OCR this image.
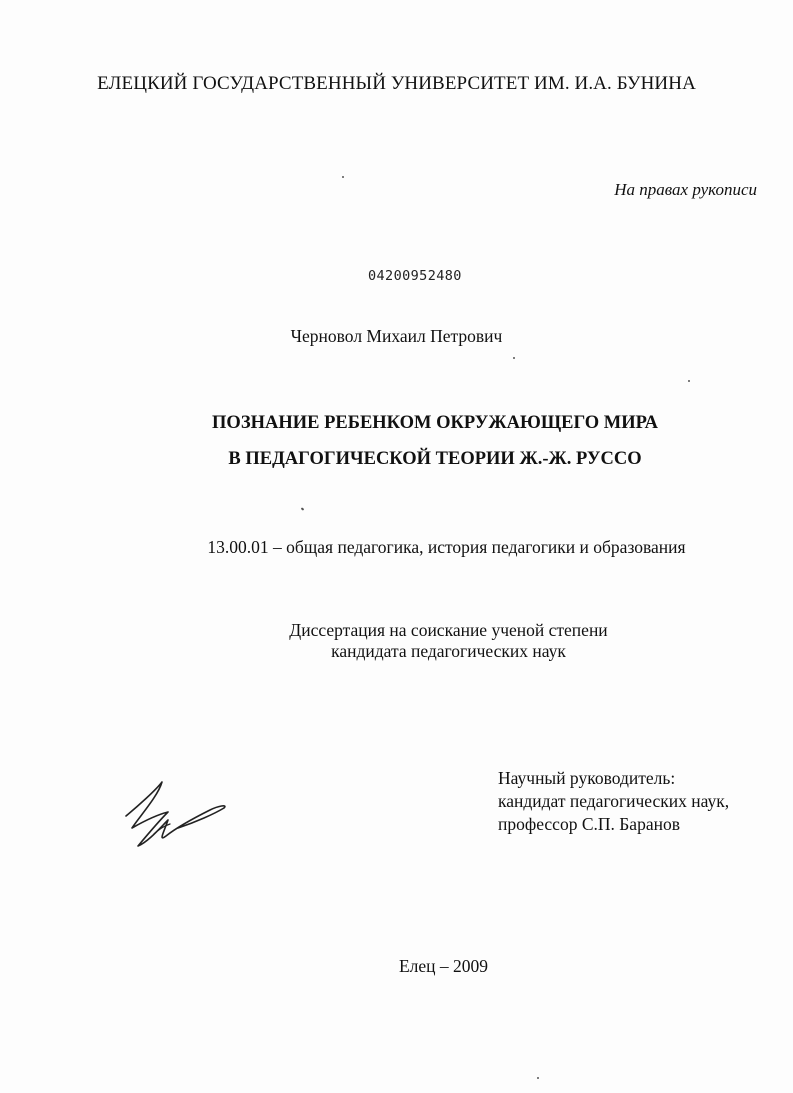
ЕЛЕЦКИЙ ГОСУДАРСТВЕННЫЙ УНИВЕРСИТЕТ ИМ. И.А. БУНИНА
На правах рукописи
04200952480
Черновол Михаил Петрович
ПОЗНАНИЕ РЕБЕНКОМ ОКРУЖАЮЩЕГО МИРА
В ПЕДАГОГИЧЕСКОЙ ТЕОРИИ Ж.-Ж. РУССО
13.00.01 – общая педагогика, история педагогики и образования
Диссертация на соискание ученой степени
кандидата педагогических наук
Научный руководитель:
кандидат педагогических наук,
профессор С.П. Баранов
Елец – 2009
